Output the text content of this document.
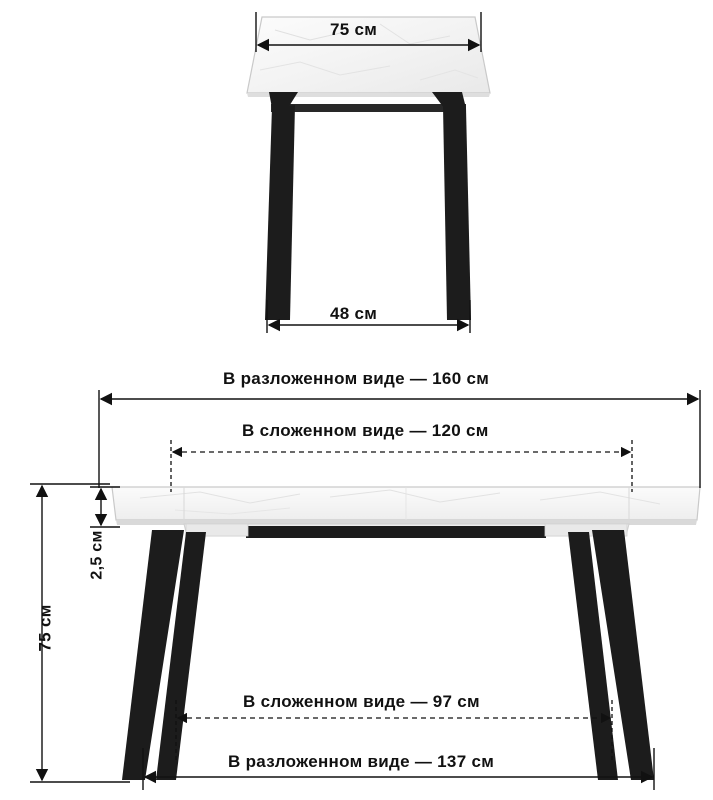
75 см
48 см
В разложенном виде — 160 см
В сложенном виде — 120 см
В сложенном виде — 97 см
В разложенном виде — 137 см
2,5 см
75 см
